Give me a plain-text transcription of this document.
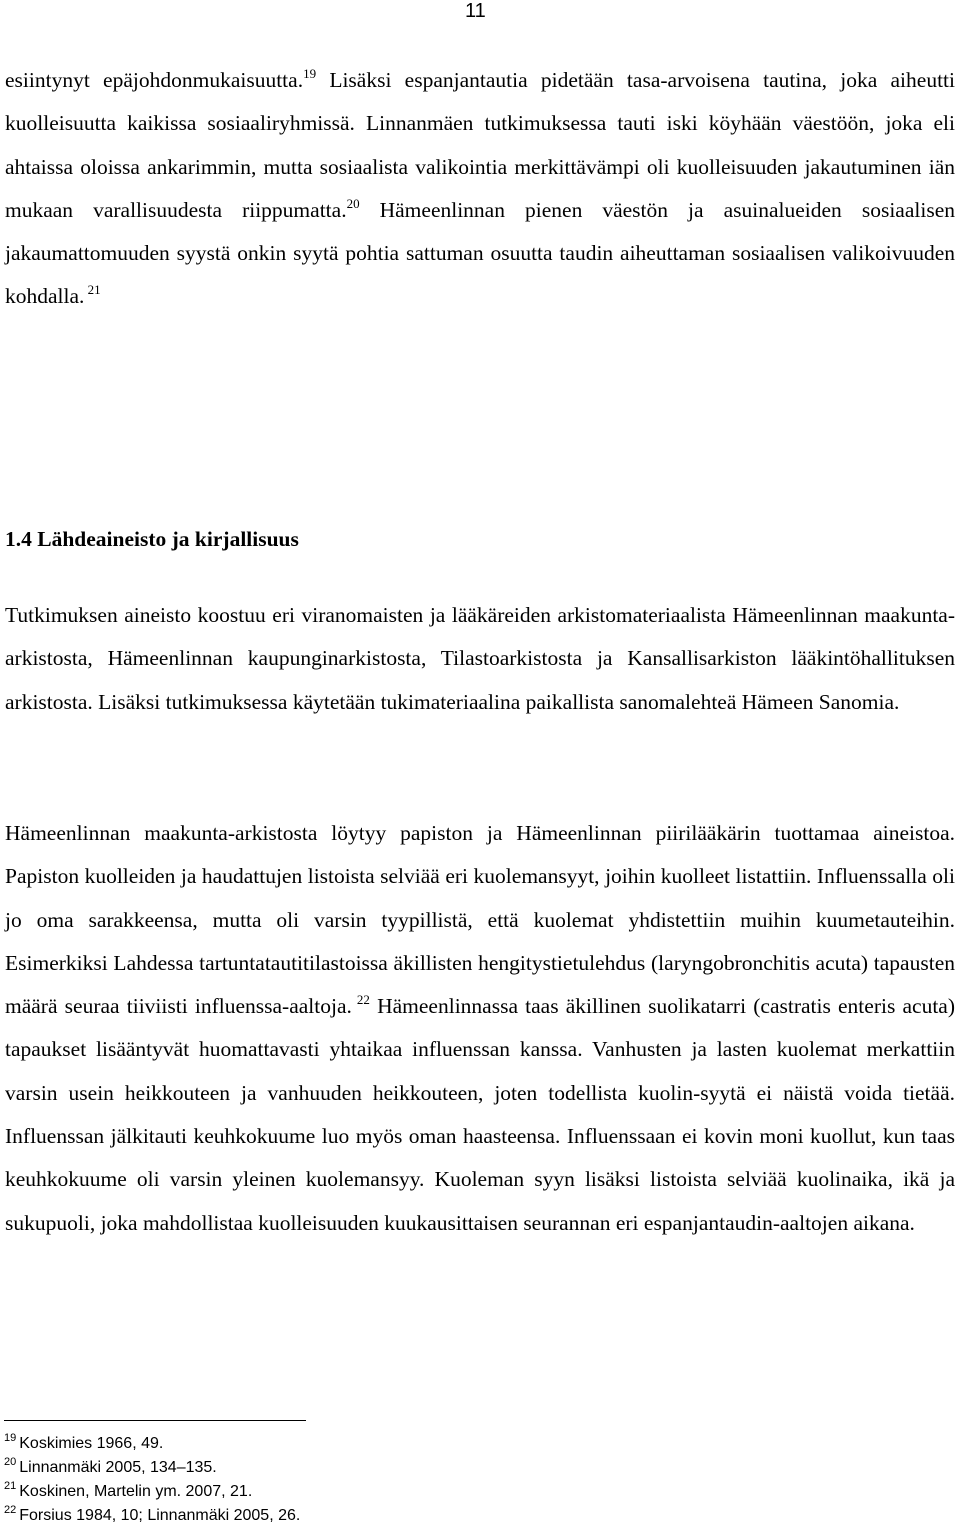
11

esiintynyt epäjohdonmukaisuutta.$^{19}$ Lisäksi espanjantautia pidetään tasa-arvoisena tautina, joka aiheutti kuolleisuutta kaikissa sosiaaliryhmissä. Linnanmäen tutkimuksessa tauti iski köyhään väestöön, joka eli ahtaissa oloissa ankarimmin, mutta sosiaalista valikointia merkittävämpi oli kuolleisuuden jakautuminen iän mukaan varallisuudesta riippumatta.$^{20}$ Hämeenlinnan pienen väestön ja asuinalueiden sosiaalisen jakaumattomuuden syystä onkin syytä pohtia sattuman osuutta taudin aiheuttaman sosiaalisen valikoivuuden kohdalla. $^{21}$

1.4 Lähdeaineisto ja kirjallisuus

Tutkimuksen aineisto koostuu eri viranomaisten ja lääkäreiden arkistomateriaalista Hämeenlinnan maakunta-arkistosta, Hämeenlinnan kaupunginarkistosta, Tilastoarkistosta ja Kansallisarkiston lääkintöhallituksen arkistosta. Lisäksi tutkimuksessa käytetään tukimateriaalina paikallista sanomalehteä Hämeen Sanomia.

Hämeenlinnan maakunta-arkistosta löytyy papiston ja Hämeenlinnan piirilääkärin tuottamaa aineistoa. Papiston kuolleiden ja haudattujen listoista selviää eri kuolemansyyt, joihin kuolleet listattiin. Influenssalla oli jo oma sarakkeensa, mutta oli varsin tyypillistä, että kuolemat yhdistettiin muihin kuumetauteihin. Esimerkiksi Lahdessa tartuntatautitilastoissa äkillisten hengitystietulehdus (laryngobronchitis acuta) tapausten määrä seuraa tiiviisti influenssa-aaltoja. $^{22}$ Hämeenlinnassa taas äkillinen suolikatarri (castratis enteris acuta) tapaukset lisääntyvät huomattavasti yhtaikaa influenssan kanssa. Vanhusten ja lasten kuolemat merkattiin varsin usein heikkouteen ja vanhuuden heikkouteen, joten todellista kuolin-syytä ei näistä voida tietää. Influenssan jälkitauti keuhkokuume luo myös oman haasteensa. Influenssaan ei kovin moni kuollut, kun taas keuhkokuume oli varsin yleinen kuolemansyy. Kuoleman syyn lisäksi listoista selviää kuolinaika, ikä ja sukupuoli, joka mahdollistaa kuolleisuuden kuukausittaisen seurannan eri espanjantaudin-aaltojen aikana.

$^{19}$ Koskimies 1966, 49.
$^{20}$ Linnanmäki 2005, 134–135.
$^{21}$ Koskinen, Martelin ym. 2007, 21.
$^{22}$ Forsius 1984, 10; Linnanmäki 2005, 26.
